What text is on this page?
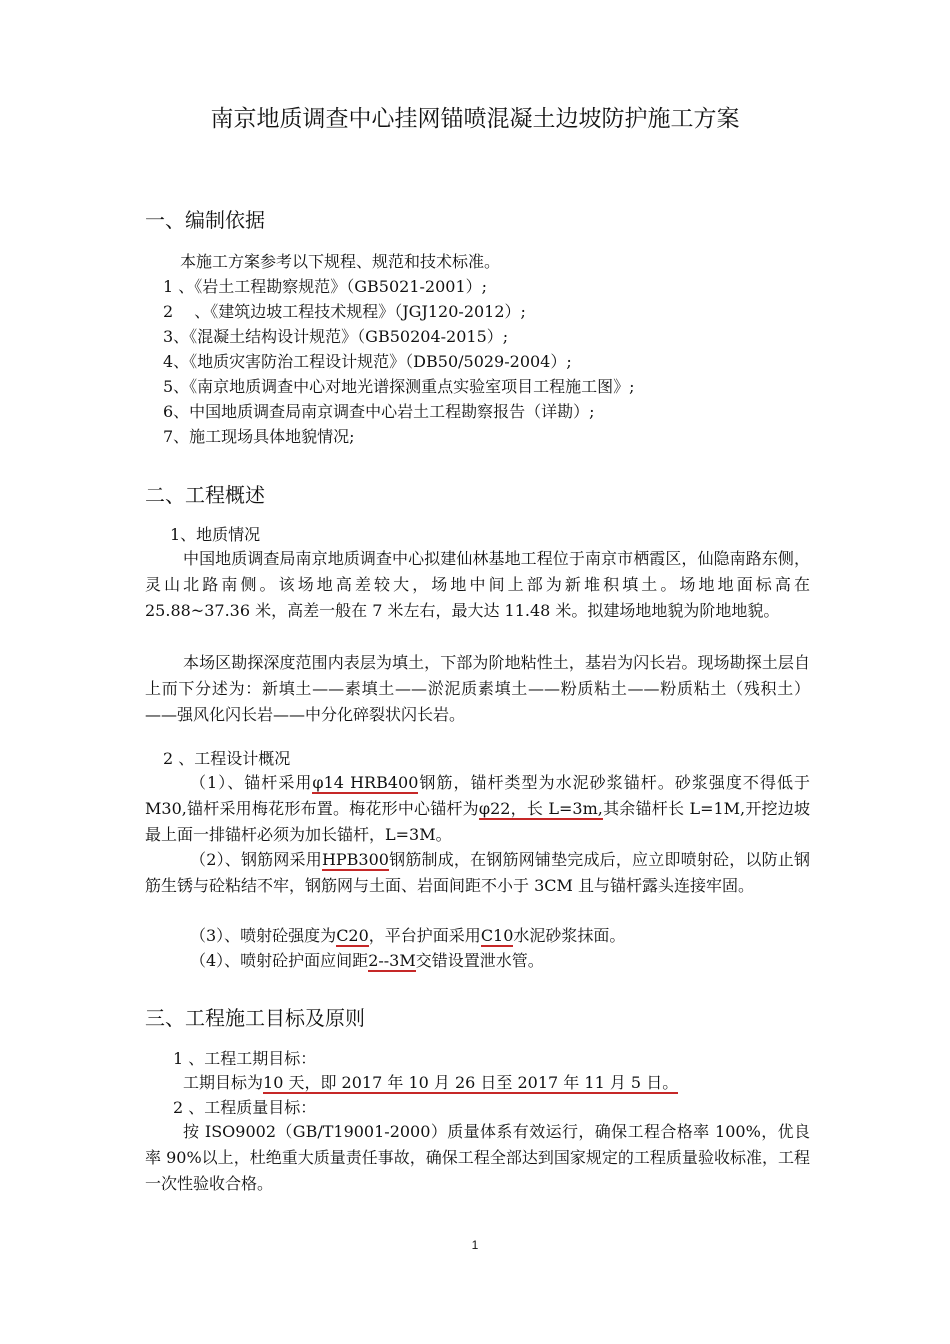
南京地质调查中心挂网锚喷混凝土边坡防护施工方案
一、编制依据
本施工方案参考以下规程、规范和技术标准。
1 、《岩土工程勘察规范》（GB5021-2001）;
2 　、《建筑边坡工程技术规程》（JGJ120-2012）;
3、《混凝土结构设计规范》（GB50204-2015）;
4、《地质灾害防治工程设计规范》（DB50/5029-2004）;
5、《南京地质调查中心对地光谱探测重点实验室项目工程施工图》;
6、中国地质调查局南京调查中心岩土工程勘察报告（详勘）;
7、施工现场具体地貌情况;
二、工程概述
1、地质情况
中国地质调查局南京地质调查中心拟建仙林基地工程位于南京市栖霞区，仙隐南路东侧，灵山北路南侧。该场地高差较大，场地中间上部为新堆积填土。场地地面标高在 25.88~37.36 米，高差一般在 7 米左右，最大达 11.48 米。拟建场地地貌为阶地地貌。
本场区勘探深度范围内表层为填土，下部为阶地粘性土，基岩为闪长岩。现场勘探土层自上而下分述为：新填土——素填土——淤泥质素填土——粉质粘土——粉质粘土（残积土）——强风化闪长岩——中分化碎裂状闪长岩。
2 、工程设计概况
（1）、锚杆采用φ14 HRB400钢筋，锚杆类型为水泥砂浆锚杆。砂浆强度不得低于 M30,锚杆采用梅花形布置。梅花形中心锚杆为φ22，长 L=3m,其余锚杆长 L=1M,开挖边坡最上面一排锚杆必须为加长锚杆，L=3M。
（2）、钢筋网采用HPB300钢筋制成，在钢筋网铺垫完成后，应立即喷射砼，以防止钢筋生锈与砼粘结不牢，钢筋网与土面、岩面间距不小于 3CM 且与锚杆露头连接牢固。
（3）、喷射砼强度为C20，平台护面采用C10水泥砂浆抹面。
（4）、喷射砼护面应间距2--3M交错设置泄水管。
三、工程施工目标及原则
1 、工程工期目标：
工期目标为10 天，即 2017 年 10 月 26 日至 2017 年 11 月 5 日。
2 、工程质量目标：
按 ISO9002（GB/T19001-2000）质量体系有效运行，确保工程合格率 100%，优良率 90%以上，杜绝重大质量责任事故，确保工程全部达到国家规定的工程质量验收标准，工程一次性验收合格。
1
